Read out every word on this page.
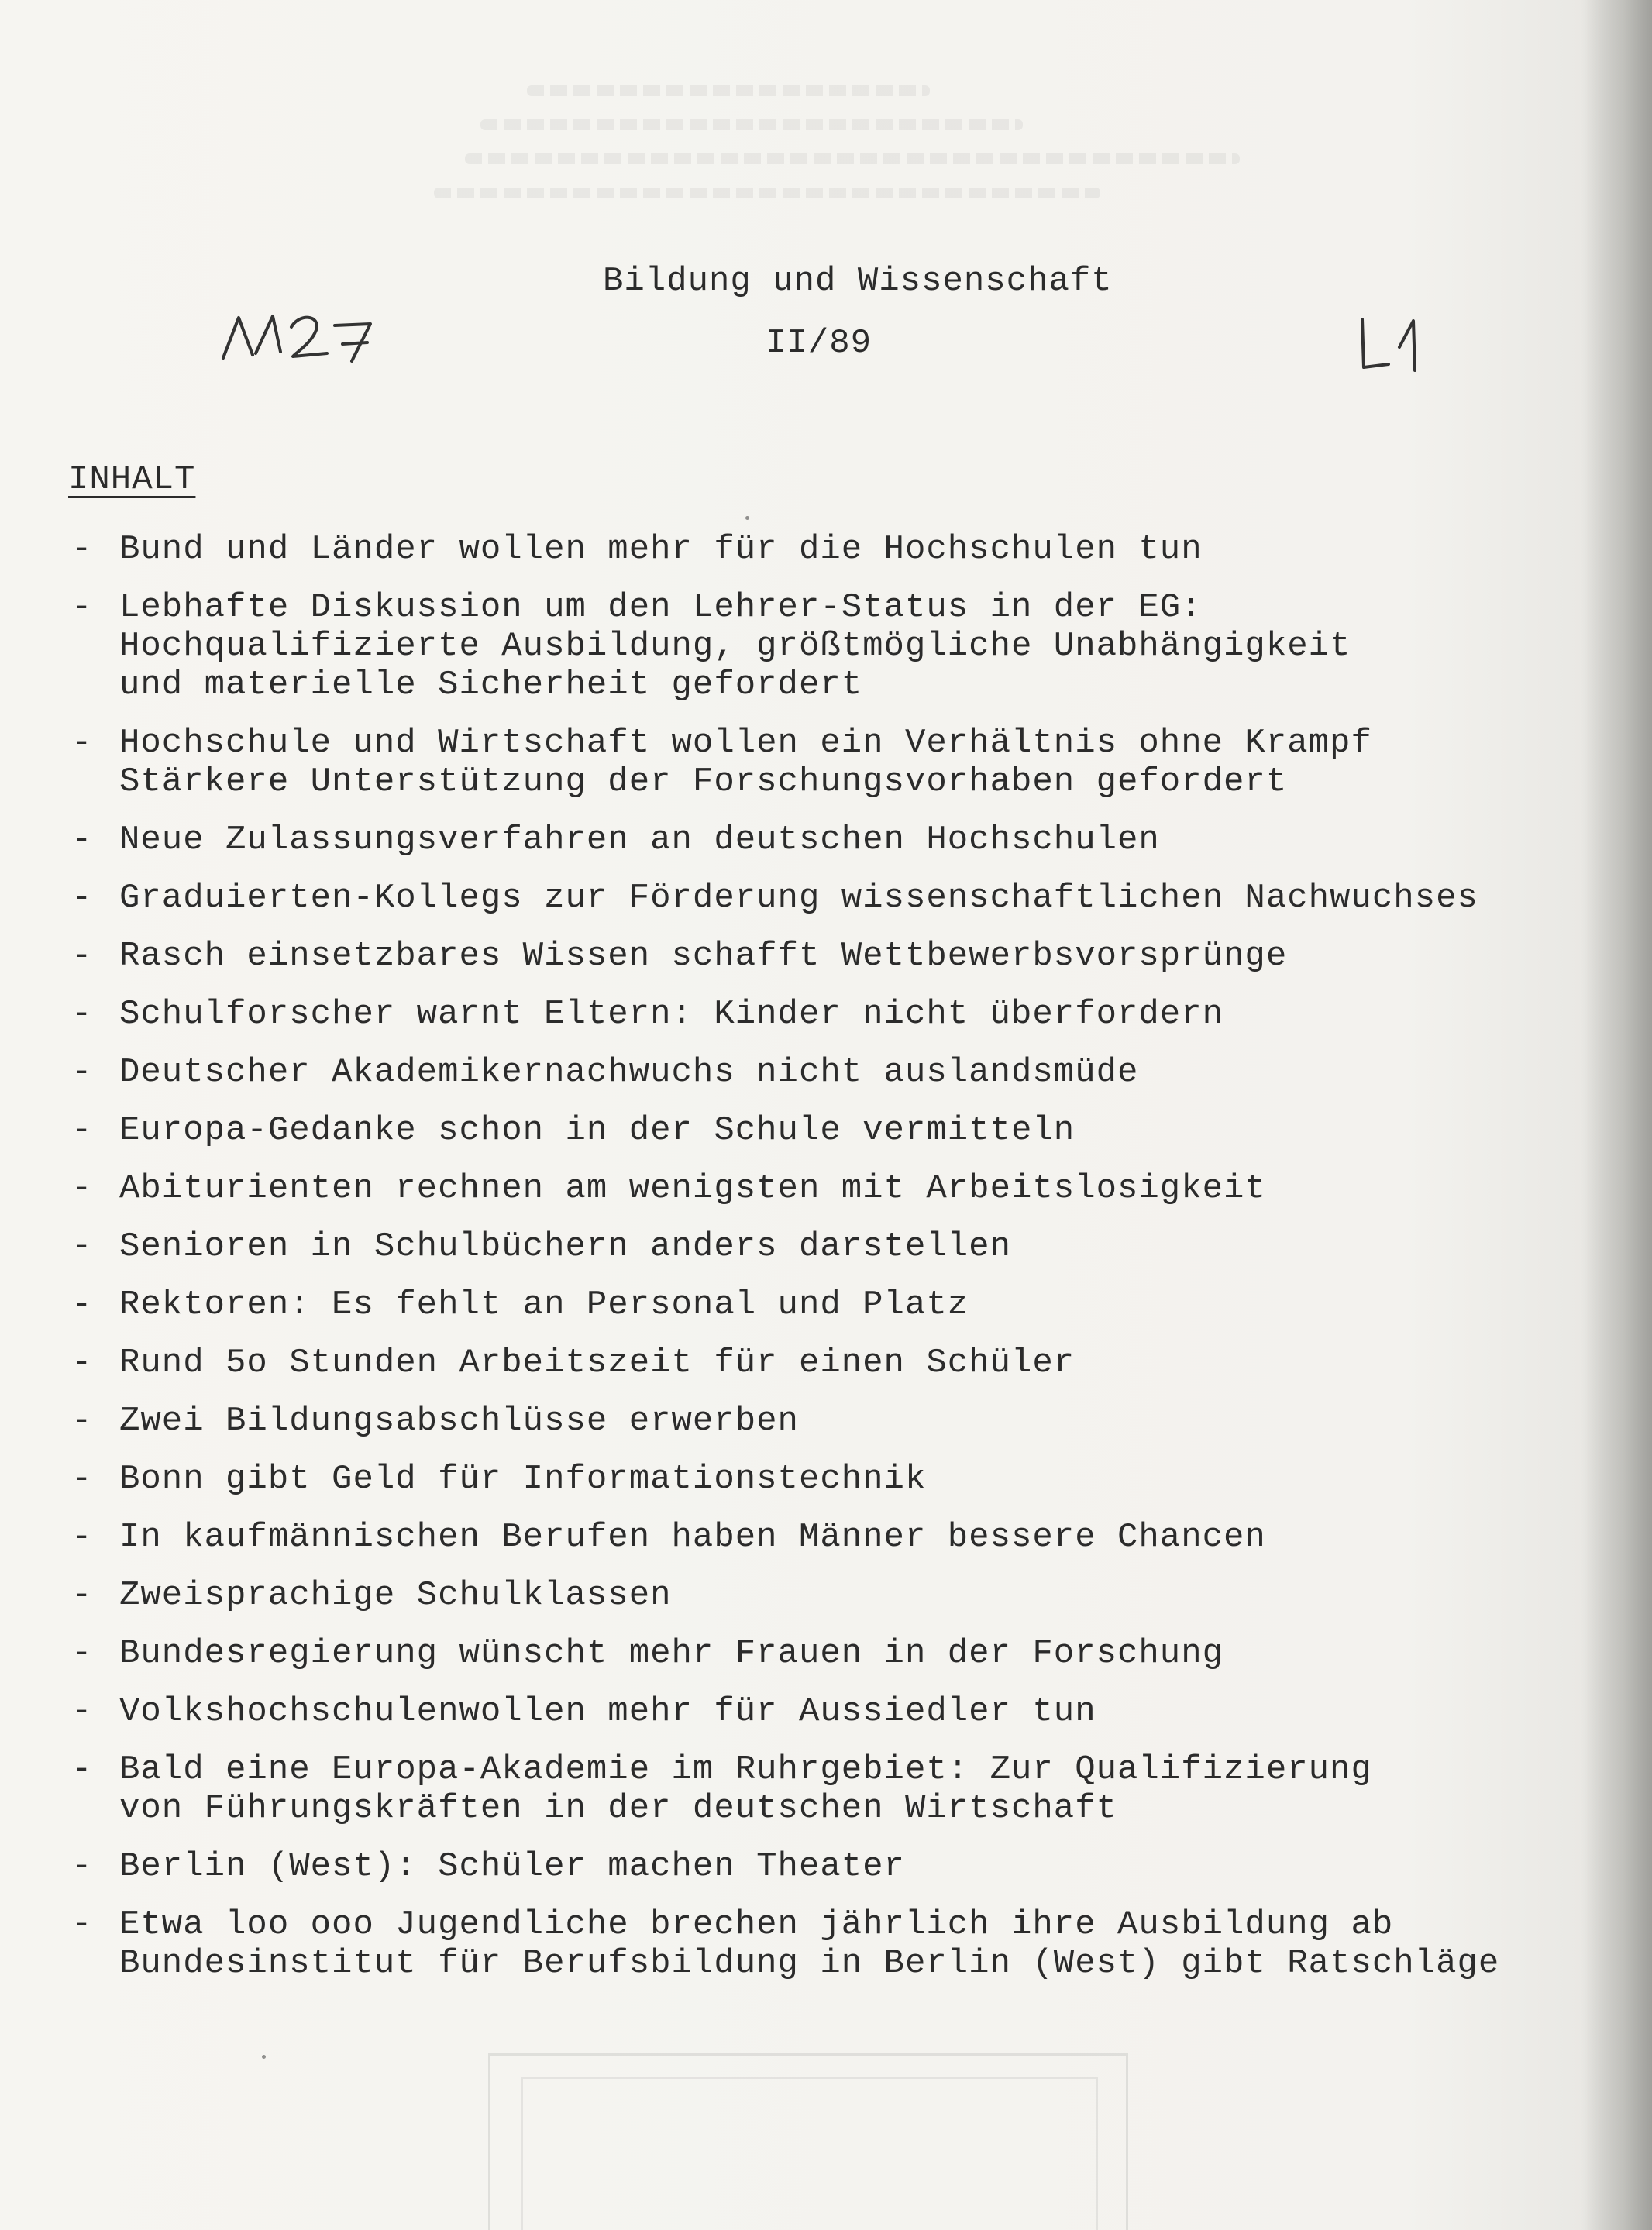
Bildung und Wissenschaft
II/89
INHALT
- Bund und Länder wollen mehr für die Hochschulen tun
- Lebhafte Diskussion um den Lehrer-Status in der EG:
Hochqualifizierte Ausbildung, größtmögliche Unabhängigkeit
und materielle Sicherheit gefordert
- Hochschule und Wirtschaft wollen ein Verhältnis ohne Krampf
Stärkere Unterstützung der Forschungsvorhaben gefordert
- Neue Zulassungsverfahren an deutschen Hochschulen
- Graduierten-Kollegs zur Förderung wissenschaftlichen Nachwuchses
- Rasch einsetzbares Wissen schafft Wettbewerbsvorsprünge
- Schulforscher warnt Eltern: Kinder nicht überfordern
- Deutscher Akademikernachwuchs nicht auslandsmüde
- Europa-Gedanke schon in der Schule vermitteln
- Abiturienten rechnen am wenigsten mit Arbeitslosigkeit
- Senioren in Schulbüchern anders darstellen
- Rektoren: Es fehlt an Personal und Platz
- Rund 5o Stunden Arbeitszeit für einen Schüler
- Zwei Bildungsabschlüsse erwerben
- Bonn gibt Geld für Informationstechnik
- In kaufmännischen Berufen haben Männer bessere Chancen
- Zweisprachige Schulklassen
- Bundesregierung wünscht mehr Frauen in der Forschung
- Volkshochschulenwollen mehr für Aussiedler tun
- Bald eine Europa-Akademie im Ruhrgebiet: Zur Qualifizierung
von Führungskräften in der deutschen Wirtschaft
- Berlin (West): Schüler machen Theater
- Etwa loo ooo Jugendliche brechen jährlich ihre Ausbildung ab
Bundesinstitut für Berufsbildung in Berlin (West) gibt Ratschläge
